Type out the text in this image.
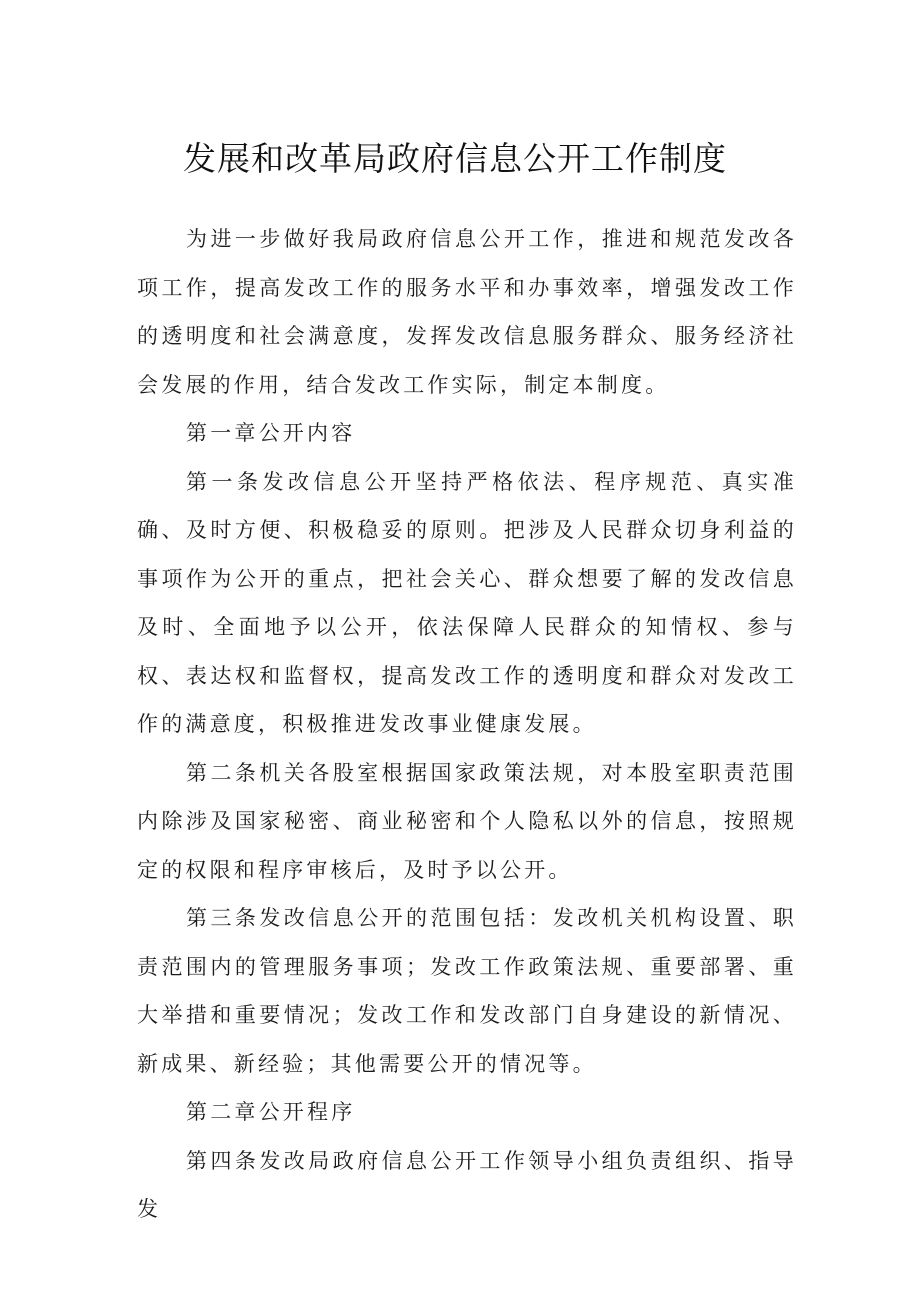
发展和改革局政府信息公开工作制度

为进一步做好我局政府信息公开工作，推进和规范发改各项工作，提高发改工作的服务水平和办事效率，增强发改工作的透明度和社会满意度，发挥发改信息服务群众、服务经济社会发展的作用，结合发改工作实际，制定本制度。

第一章公开内容

第一条发改信息公开坚持严格依法、程序规范、真实准确、及时方便、积极稳妥的原则。把涉及人民群众切身利益的事项作为公开的重点，把社会关心、群众想要了解的发改信息及时、全面地予以公开，依法保障人民群众的知情权、参与权、表达权和监督权，提高发改工作的透明度和群众对发改工作的满意度，积极推进发改事业健康发展。

第二条机关各股室根据国家政策法规，对本股室职责范围内除涉及国家秘密、商业秘密和个人隐私以外的信息，按照规定的权限和程序审核后，及时予以公开。

第三条发改信息公开的范围包括：发改机关机构设置、职责范围内的管理服务事项；发改工作政策法规、重要部署、重大举措和重要情况；发改工作和发改部门自身建设的新情况、新成果、新经验；其他需要公开的情况等。

第二章公开程序

第四条发改局政府信息公开工作领导小组负责组织、指导发
